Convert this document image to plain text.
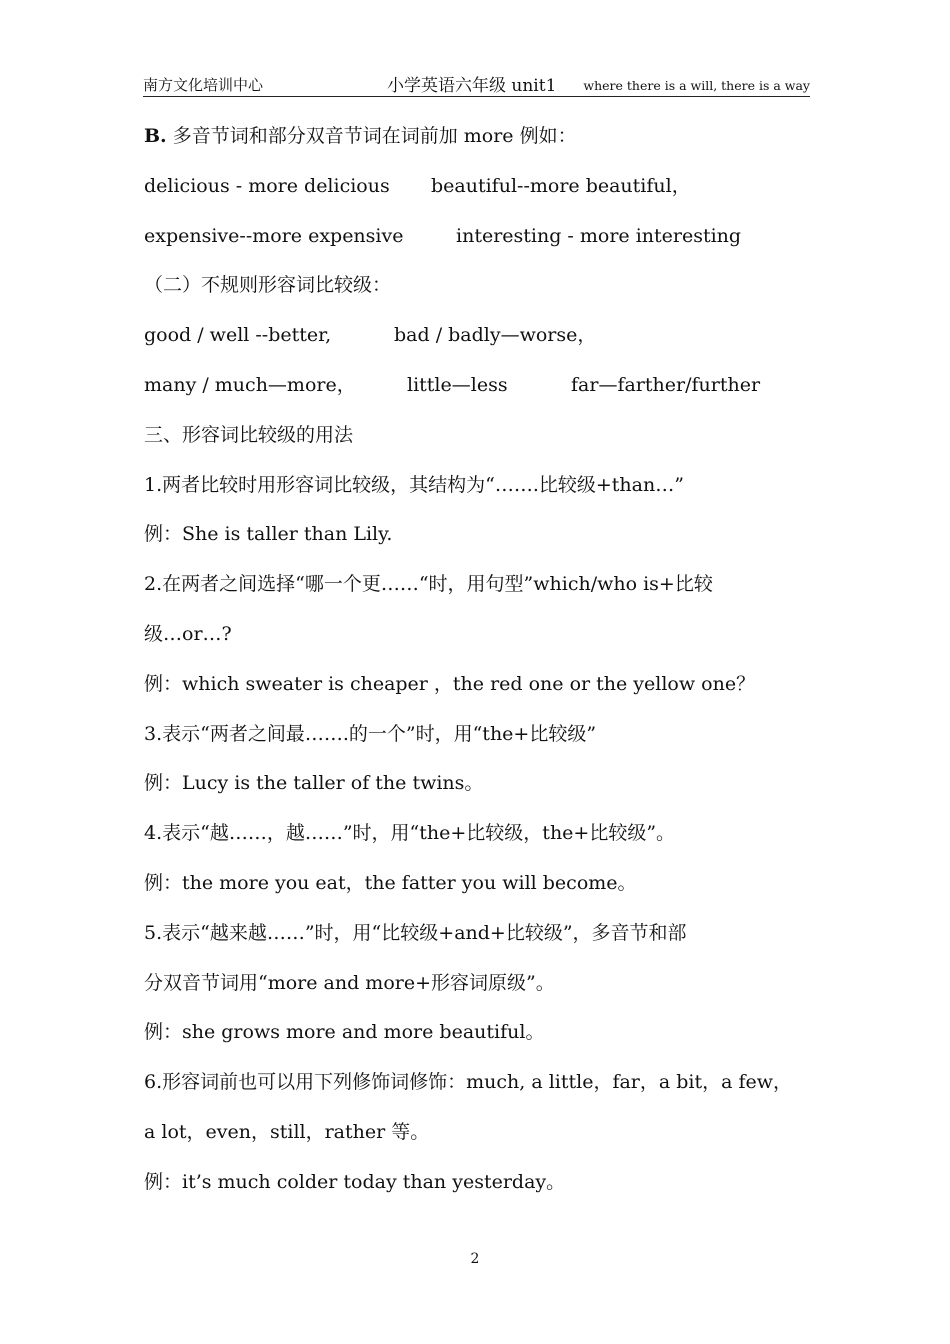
南方文化培训中心	小学英语六年级 unit1 where there is a will, there is a way
B. 多音节词和部分双音节词在词前加 more 例如：
delicious - more delicious beautiful--more beautiful，
expensive--more expensive	interesting - more interesting
（二）不规则形容词比较级：
good / well --better,	bad / badly—worse，
many / much—more，	little—less	far—farther/further
三、形容词比较级的用法
1.两者比较时用形容词比较级，其结构为“…….比较级+than…”
例：She is taller than Lily.
2.在两者之间选择“哪一个更……“时，用句型”which/who is+比较
级…or…?
例：which sweater is cheaper ，the red one or the yellow one？
3.表示“两者之间最…….的一个”时，用“the+比较级”
例：Lucy is the taller of the twins。
4.表示“越……，越……”时，用“the+比较级，the+比较级”。
例：the more you eat，the fatter you will become。
5.表示“越来越……”时，用“比较级+and+比较级”，多音节和部
分双音节词用“more and more+形容词原级”。
例：she grows more and more beautiful。
6.形容词前也可以用下列修饰词修饰：much, a little，far，a bit，a few，
a lot，even，still，rather 等。
例：it’s much colder today than yesterday。
2
